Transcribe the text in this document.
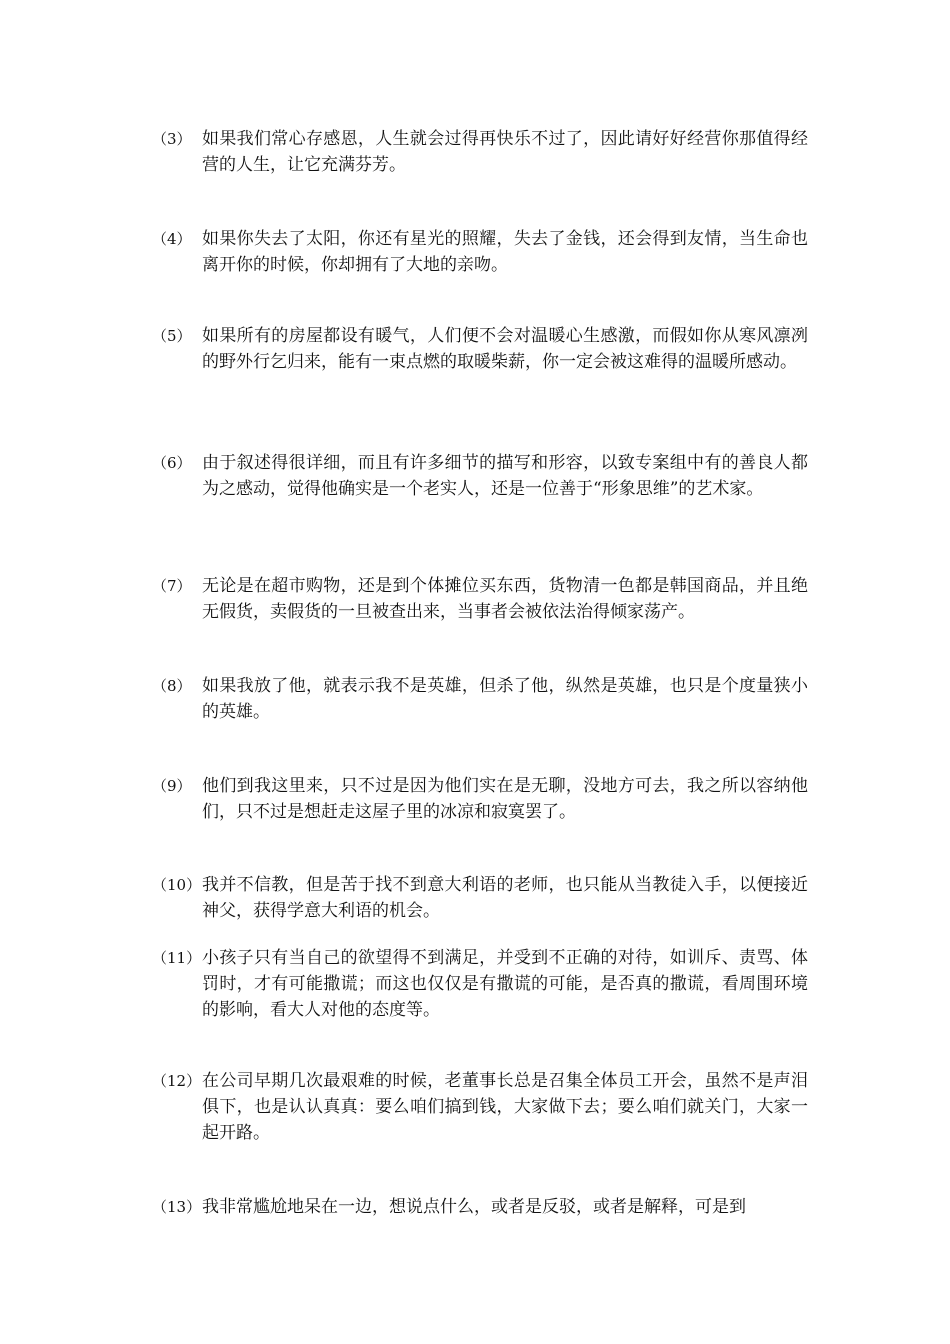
（3） 如果我们常心存感恩，人生就会过得再快乐不过了，因此请好好经营你那值得经营的人生，让它充满芬芳。
（4） 如果你失去了太阳，你还有星光的照耀，失去了金钱，还会得到友情，当生命也离开你的时候，你却拥有了大地的亲吻。
（5） 如果所有的房屋都设有暖气，人们便不会对温暖心生感激，而假如你从寒风凛冽的野外行乞归来，能有一束点燃的取暖柴薪，你一定会被这难得的温暖所感动。
（6） 由于叙述得很详细，而且有许多细节的描写和形容，以致专案组中有的善良人都为之感动，觉得他确实是一个老实人，还是一位善于“形象思维”的艺术家。
（7） 无论是在超市购物，还是到个体摊位买东西，货物清一色都是韩国商品，并且绝无假货，卖假货的一旦被查出来，当事者会被依法治得倾家荡产。
（8） 如果我放了他，就表示我不是英雄，但杀了他，纵然是英雄，也只是个度量狭小的英雄。
（9） 他们到我这里来，只不过是因为他们实在是无聊，没地方可去，我之所以容纳他们，只不过是想赶走这屋子里的冰凉和寂寞罢了。
（10） 我并不信教，但是苦于找不到意大利语的老师，也只能从当教徒入手，以便接近神父，获得学意大利语的机会。
（11） 小孩子只有当自己的欲望得不到满足，并受到不正确的对待，如训斥、责骂、体罚时，才有可能撒谎；而这也仅仅是有撒谎的可能，是否真的撒谎，看周围环境的影响，看大人对他的态度等。
（12） 在公司早期几次最艰难的时候，老董事长总是召集全体员工开会，虽然不是声泪俱下，也是认认真真：要么咱们搞到钱，大家做下去；要么咱们就关门，大家一起开路。
（13） 我非常尴尬地呆在一边，想说点什么，或者是反驳，或者是解释，可是到
